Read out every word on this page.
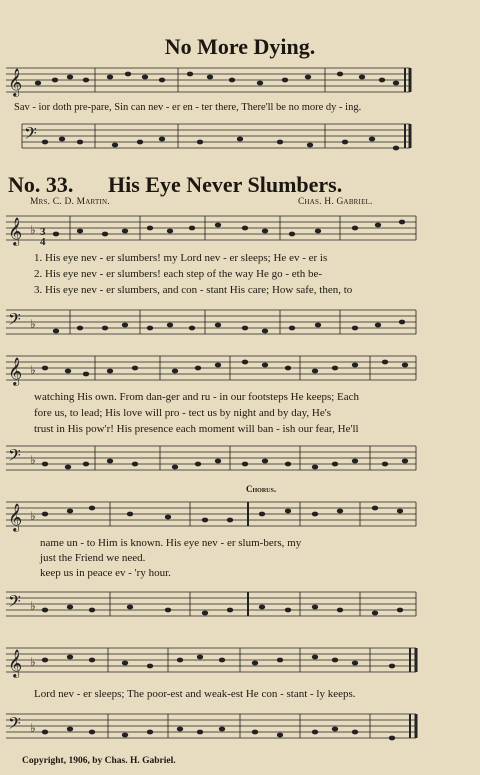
No More Dying.
𝄞
Sav - ior doth pre-pare, Sin can nev - er en - ter there, There'll be no more dy - ing.
𝄢
No. 33. His Eye Never Slumbers.
Mrs. C. D. Martin.	Chas. H. Gabriel.
𝄞 ♭ 3
4
1. His eye nev - er slumbers! my Lord nev - er sleeps; He ev - er is
2. His eye nev - er slumbers! each step of the way He go - eth be-
3. His eye nev - er slumbers, and con - stant His care; How safe, then, to
𝄢 ♭
𝄞 ♭
watching His own. From dan-ger and ru - in our footsteps He keeps; Each
fore us, to lead; His love will pro - tect us by night and by day, He's
trust in His pow'r! His presence each moment will ban - ish our fear, He'll
𝄢 ♭
Chorus.
𝄞 ♭
name un - to Him is known. His eye nev - er slum-bers, my
just the Friend we need.
keep us in peace ev - 'ry hour.
𝄢 ♭
𝄞 ♭
Lord nev - er sleeps; The poor-est and weak-est He con - stant - ly keeps.
𝄢 ♭
Copyright, 1906, by Chas. H. Gabriel.
